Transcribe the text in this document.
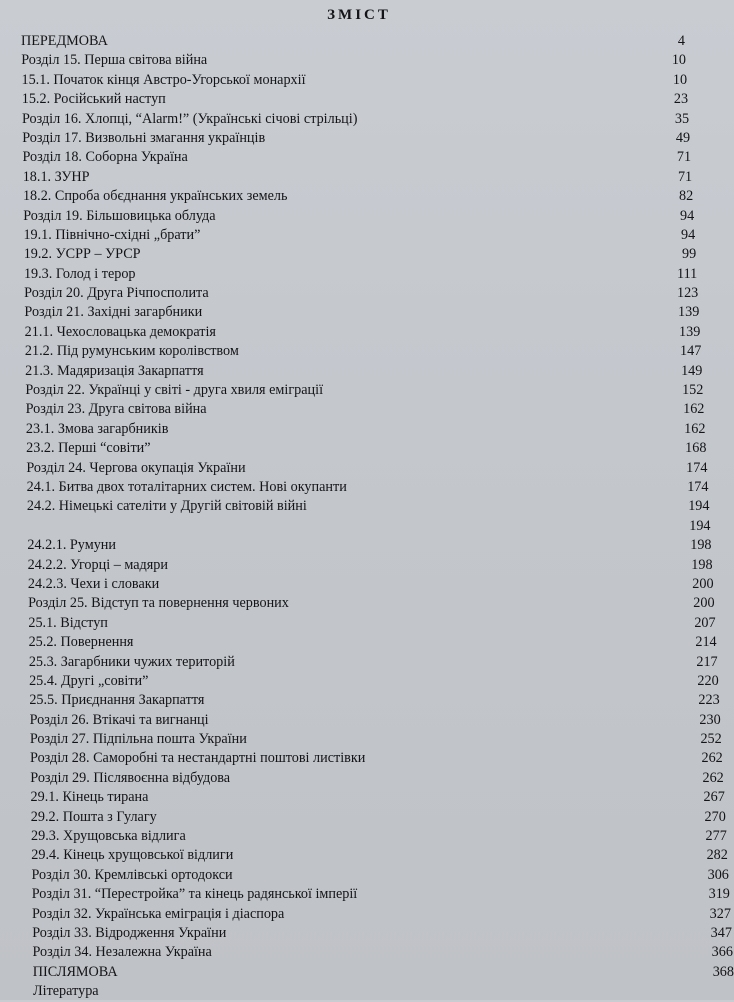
ЗМІСТ
ПЕРЕДМОВА	4
Розділ 15. Перша світова війна	10
15.1. Початок кінця Австро-Угорської монархії	10
15.2. Російський наступ	23
Розділ 16. Хлопці, “Alarm!” (Українські січові стрільці)	35
Розділ 17. Визвольні змагання українців	49
Розділ 18. Соборна Україна	71
18.1. ЗУНР	71
18.2. Спроба обєднання українських земель	82
Розділ 19. Більшовицька облуда	94
19.1. Північно-східні „брати”	94
19.2. УСРР – УРСР	99
19.3. Голод і терор	111
Розділ 20. Друга Річпосполита	123
Розділ 21. Західні загарбники	139
21.1. Чехословацька демократія	139
21.2. Під румунським королівством	147
21.3. Мадяризація Закарпаття	149
Розділ 22. Українці у світі - друга хвиля еміграції	152
Розділ 23. Друга світова війна	162
23.1. Змова загарбників	162
23.2. Перші “совіти”	168
Розділ 24. Чергова окупація України	174
24.1. Битва двох тоталітарних систем. Нові окупанти	174
24.2. Німецькі сателіти у Другій світовій війні	194
194
24.2.1. Румуни	198
24.2.2. Угорці – мадяри	198
24.2.3. Чехи і словаки	200
Розділ 25. Відступ та повернення червоних	200
25.1. Відступ	207
25.2. Повернення	214
25.3. Загарбники чужих територій	217
25.4. Другі „совіти”	220
25.5. Приєднання Закарпаття	223
Розділ 26. Втікачі та вигнанці	230
Розділ 27. Підпільна пошта України	252
Розділ 28. Саморобні та нестандартні поштові листівки	262
Розділ 29. Післявоєнна відбудова	262
29.1. Кінець тирана	267
29.2. Пошта з Гулагу	270
29.3. Хрущовська відлига	277
29.4. Кінець хрущовської відлиги	282
Розділ 30. Кремлівські ортодокси	306
Розділ 31. “Перестройка” та кінець радянської імперії	319
Розділ 32. Українська еміграція і діаспора	327
Розділ 33. Відродження України	347
Розділ 34. Незалежна Україна	366
ПІСЛЯМОВА	368
Література
